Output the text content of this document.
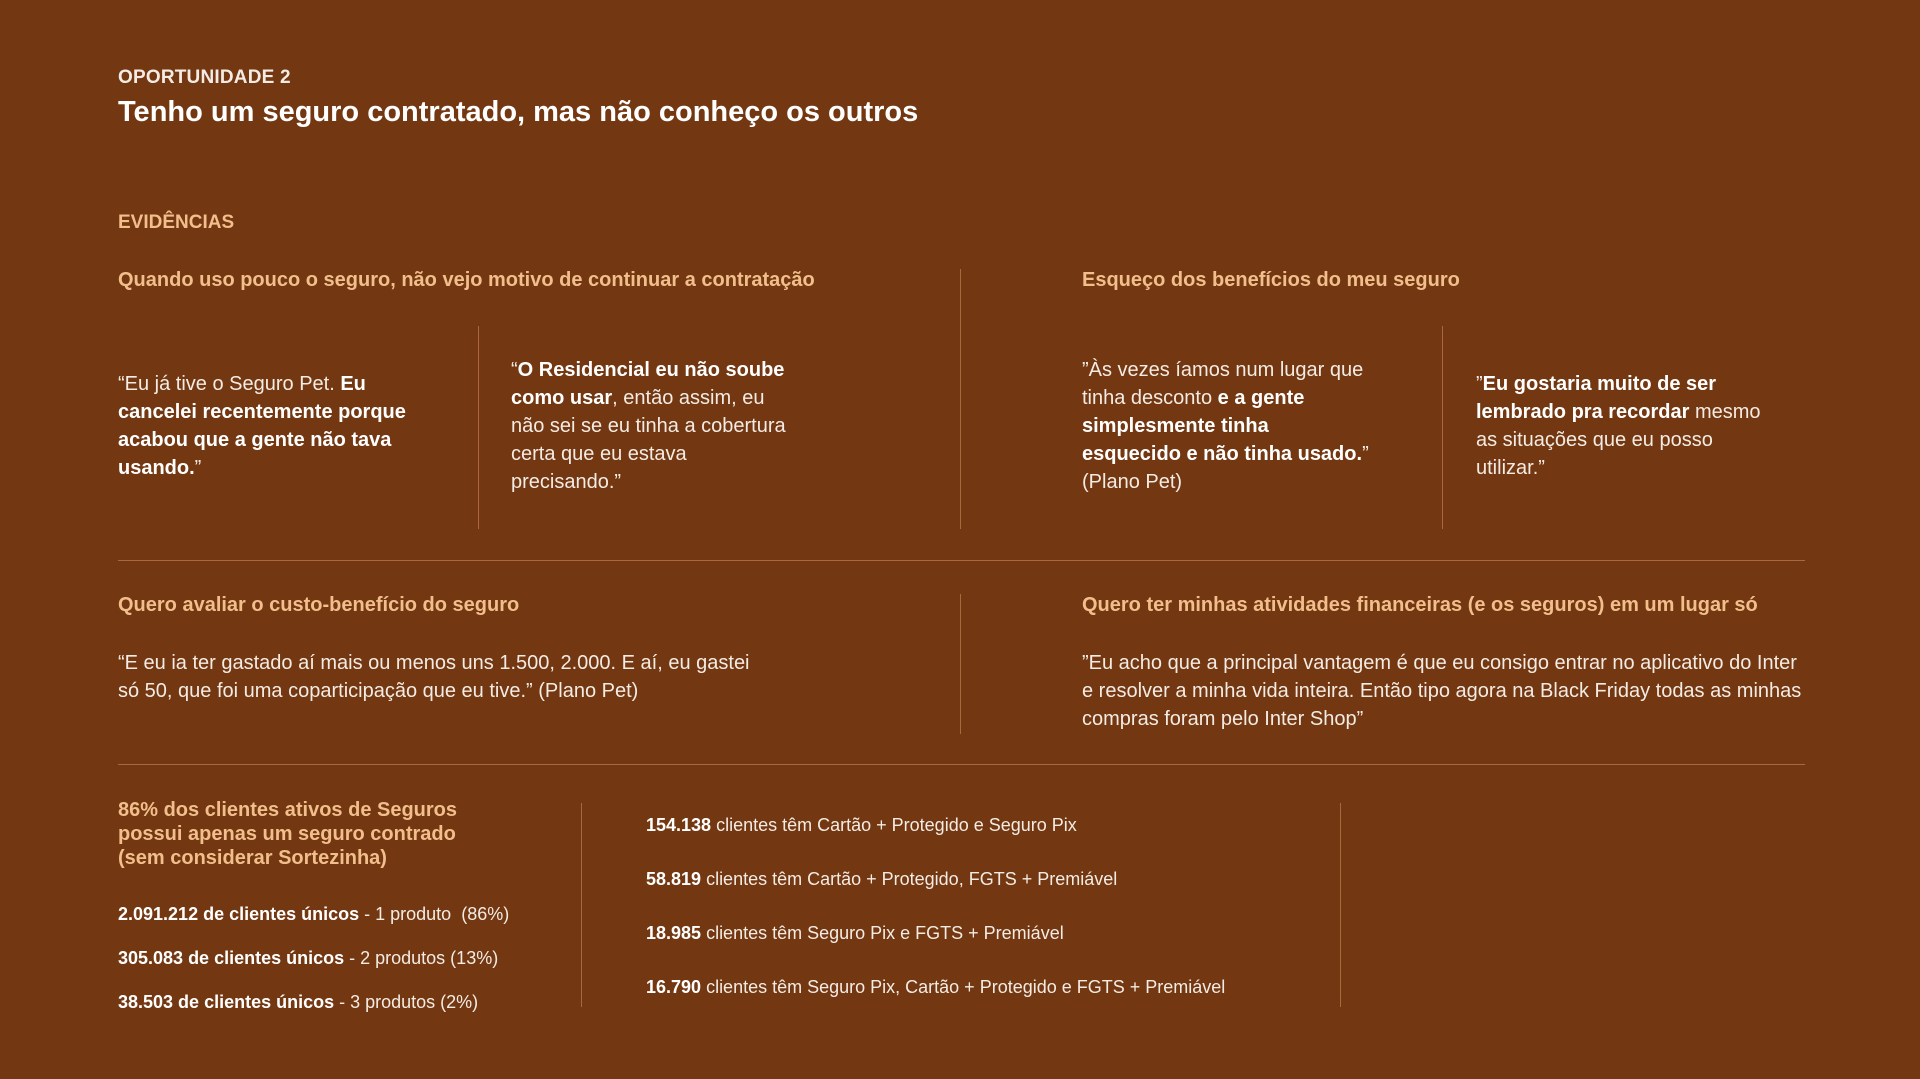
OPORTUNIDADE 2
Tenho um seguro contratado, mas não conheço os outros
EVIDÊNCIAS
Quando uso pouco o seguro, não vejo motivo de continuar a contratação
“Eu já tive o Seguro Pet. Eu cancelei recentemente porque acabou que a gente não tava usando.”
“O Residencial eu não soube como usar, então assim, eu não sei se eu tinha a cobertura certa que eu estava precisando.”
Esqueço dos benefícios do meu seguro
”Às vezes íamos num lugar que tinha desconto e a gente simplesmente tinha esquecido e não tinha usado.” (Plano Pet)
”Eu gostaria muito de ser lembrado pra recordar mesmo as situações que eu posso utilizar.”
Quero avaliar o custo-benefício do seguro
“E eu ia ter gastado aí mais ou menos uns 1.500, 2.000. E aí, eu gastei só 50, que foi uma coparticipação que eu tive.” (Plano Pet)
Quero ter minhas atividades financeiras (e os seguros) em um lugar só
”Eu acho que a principal vantagem é que eu consigo entrar no aplicativo do Inter e resolver a minha vida inteira. Então tipo agora na Black Friday todas as minhas compras foram pelo Inter Shop”
86% dos clientes ativos de Seguros possui apenas um seguro contrado (sem considerar Sortezinha)
2.091.212 de clientes únicos - 1 produto  (86%)
305.083 de clientes únicos - 2 produtos (13%)
38.503 de clientes únicos - 3 produtos (2%)
154.138 clientes têm Cartão + Protegido e Seguro Pix
58.819 clientes têm Cartão + Protegido, FGTS + Premiável
18.985 clientes têm Seguro Pix e FGTS + Premiável
16.790 clientes têm Seguro Pix, Cartão + Protegido e FGTS + Premiável
